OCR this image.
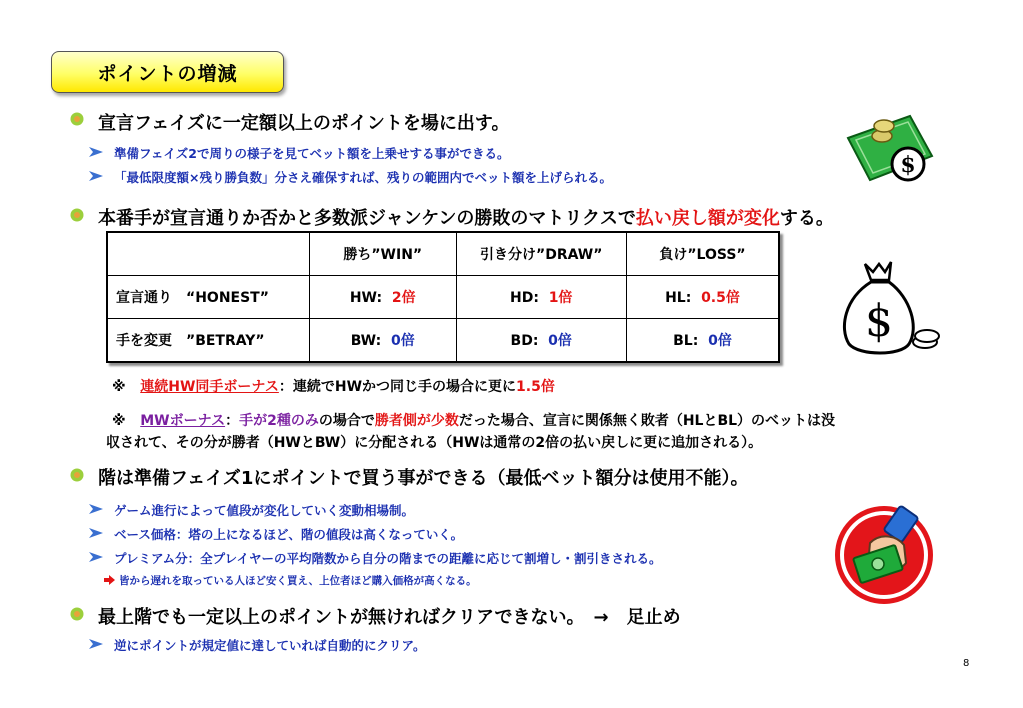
ポイントの増減
宣言フェイズに一定額以上のポイントを場に出す。
準備フェイズ2で周りの様子を見てベット額を上乗せする事ができる。
「最低限度額×残り勝負数」分さえ確保すれば、残りの範囲内でベット額を上げられる。
本番手が宣言通りか否かと多数派ジャンケンの勝敗のマトリクスで払い戻し額が変化する。
	勝ち”WIN”	引き分け”DRAW”	負け”LOSS”
宣言通り　“HONEST”	HW: 2倍	HD: 1倍	HL: 0.5倍
手を変更　”BETRAY”	BW: 0倍	BD: 0倍	BL: 0倍
※ 連続HW同手ボーナス：連続でHWかつ同じ手の場合に更に1.5倍
※ MWボーナス：手が2種のみの場合で勝者側が少数だった場合、宣言に関係無く敗者（HLとBL）のベットは没
収されて、その分が勝者（HWとBW）に分配される（HWは通常の2倍の払い戻しに更に追加される）。
階は準備フェイズ1にポイントで買う事ができる（最低ベット額分は使用不能）。
ゲーム進行によって値段が変化していく変動相場制。
ベース価格：塔の上になるほど、階の値段は高くなっていく。
プレミアム分：全プレイヤーの平均階数から自分の階までの距離に応じて割増し・割引きされる。
皆から遅れを取っている人ほど安く買え、上位者ほど購入価格が高くなる。
最上階でも一定以上のポイントが無ければクリアできない。　→　足止め
逆にポイントが規定値に達していれば自動的にクリア。
8
$
$
